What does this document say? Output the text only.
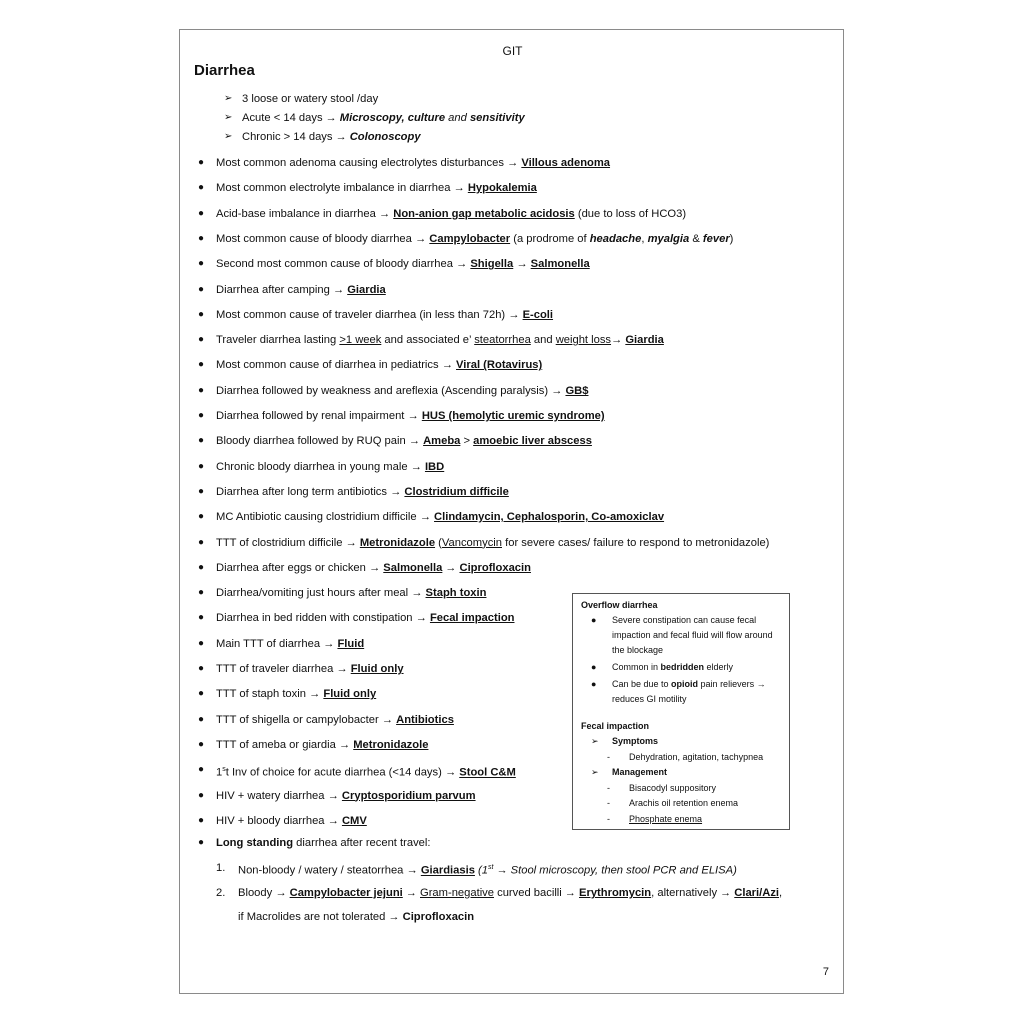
GIT
Diarrhea
➢ 3 loose or watery stool /day
➢ Acute < 14 days → Microscopy, culture and sensitivity
➢ Chronic > 14 days → Colonoscopy
● Most common adenoma causing electrolytes disturbances → Villous adenoma
● Most common electrolyte imbalance in diarrhea → Hypokalemia
● Acid-base imbalance in diarrhea → Non-anion gap metabolic acidosis (due to loss of HCO3)
● Most common cause of bloody diarrhea → Campylobacter (a prodrome of headache, myalgia & fever)
● Second most common cause of bloody diarrhea → Shigella → Salmonella
● Diarrhea after camping → Giardia
● Most common cause of traveler diarrhea (in less than 72h) → E-coli
● Traveler diarrhea lasting >1 week and associated e’ steatorrhea and weight loss→ Giardia
● Most common cause of diarrhea in pediatrics → Viral (Rotavirus)
● Diarrhea followed by weakness and areflexia (Ascending paralysis) → GB$
● Diarrhea followed by renal impairment → HUS (hemolytic uremic syndrome)
● Bloody diarrhea followed by RUQ pain → Ameba > amoebic liver abscess
● Chronic bloody diarrhea in young male → IBD
● Diarrhea after long term antibiotics → Clostridium difficile
● MC Antibiotic causing clostridium difficile → Clindamycin, Cephalosporin, Co-amoxiclav
● TTT of clostridium difficile → Metronidazole (Vancomycin for severe cases/ failure to respond to metronidazole)
● Diarrhea after eggs or chicken → Salmonella → Ciprofloxacin
● Diarrhea/vomiting just hours after meal → Staph toxin
● Diarrhea in bed ridden with constipation → Fecal impaction
● Main TTT of diarrhea → Fluid
● TTT of traveler diarrhea → Fluid only
● TTT of staph toxin → Fluid only
● TTT of shigella or campylobacter → Antibiotics
● TTT of ameba or giardia → Metronidazole
● 1$^s$t Inv of choice for acute diarrhea (<14 days) → Stool C&M
● HIV + watery diarrhea → Cryptosporidium parvum
● HIV + bloody diarrhea → CMV
● Long standing diarrhea after recent travel:
1. Non-bloody / watery / steatorrhea → Giardiasis (1st → Stool microscopy, then stool PCR and ELISA)
2. Bloody → Campylobacter jejuni → Gram-negative curved bacilli → Erythromycin, alternatively → Clari/Azi,
if Macrolides are not tolerated → Ciprofloxacin
Overflow diarrhea
● Severe constipation can cause fecal
impaction and fecal fluid will flow around
the blockage
● Common in bedridden elderly
● Can be due to opioid pain relievers →
reduces GI motility
Fecal impaction
➢ Symptoms
- Dehydration, agitation, tachypnea
➢ Management
- Bisacodyl suppository
- Arachis oil retention enema
- Phosphate enema
7
